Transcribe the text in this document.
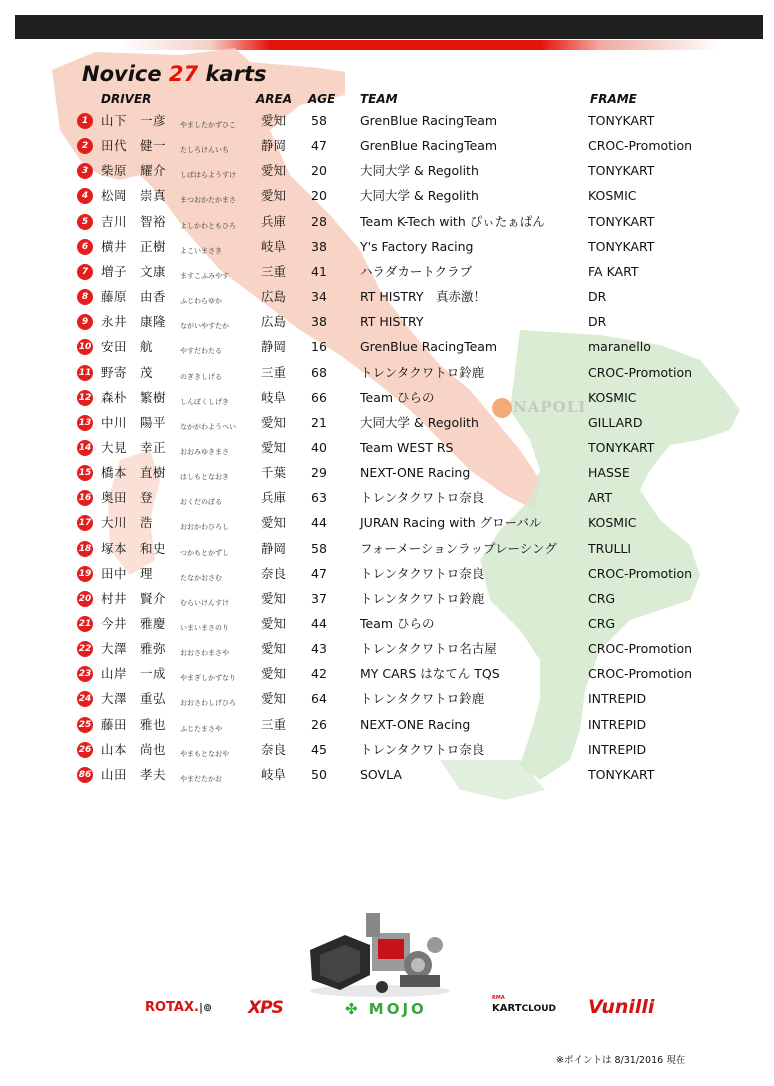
Novice 27 karts
DRIVER	AREA AGE TEAM	FRAME
1	山下　一彦 やましたかずひこ 愛知 58	GrenBlue RacingTeam	TONYKART
2	田代　健一 たしろけんいち	静岡 47	GrenBlue RacingTeam	CROC-Promotion
3	柴原　耀介 しばはらようすけ 愛知 20	大同大学 & Regolith	TONYKART
4	松岡　崇真 まつおかたかまさ 愛知 20	大同大学 & Regolith	KOSMIC
5	吉川　智裕 よしかわともひろ 兵庫 28	Team K-Tech with ぴぃたぁぱん	TONYKART
6	横井　正樹 よこいまさき	岐阜 38	Y's Factory Racing	TONYKART
7	増子　文康 ますこふみやす	三重 41	ハラダカートクラブ	FA KART
8	藤原　由香 ふじわらゆか	広島 34	RT HISTRY　真赤激！	DR
9	永井　康隆 ながいやすたか	広島 38	RT HISTRY	DR
10 安田　航	やすだわたる	静岡 16	GrenBlue RacingTeam	maranello
11 野寄　茂	のぎきしげる	三重 68	トレンタクワトロ鈴鹿	CROC-Promotion
12 森朴　繁樹 しんぼくしげき	岐阜 66	Team ひらの	KOSMIC
13 中川　陽平 なかがわようへい 愛知 21	大同大学 & Regolith	GILLARD
14 大見　幸正 おおみゆきまさ	愛知 40	Team WEST RS	TONYKART
15 橋本　直樹 はしもとなおき	千葉 29	NEXT-ONE Racing	HASSE
16 奥田　登	おくだのぼる	兵庫 63	トレンタクワトロ奈良	ART
17 大川　浩	おおかわひろし	愛知 44	JURAN Racing with グローバル	KOSMIC
18 塚本　和史 つかもとかずし	静岡 58	フォーメーションラップレーシング	TRULLI
19 田中　理	たなかおさむ	奈良 47	トレンタクワトロ奈良	CROC-Promotion
20 村井　賢介 むらいけんすけ	愛知 37	トレンタクワトロ鈴鹿	CRG
21 今井　雅慶 いまいまさのり	愛知 44	Team ひらの	CRG
22 大澤　雅弥 おおさわまさや	愛知 43	トレンタクワトロ名古屋	CROC-Promotion
23 山岸　一成 やまぎしかずなり 愛知 42	MY CARS はなてん TQS	CROC-Promotion
24 大澤　重弘 おおさわしげひろ 愛知 64	トレンタクワトロ鈴鹿	INTREPID
25 藤田　雅也 ふじたまさや	三重 26	NEXT-ONE Racing	INTREPID
26 山本　尚也 やまもとなおや	奈良 45	トレンタクワトロ奈良	INTREPID
86 山田　孝夫 やまだたかお	岐阜 50	SOVLA	TONYKART
NAPOLI
ROTAX.|⊚ XPS	✤ MOJO
RMA
KARTCLOUD Vunilli
※ポイントは 8/31/2016 現在
